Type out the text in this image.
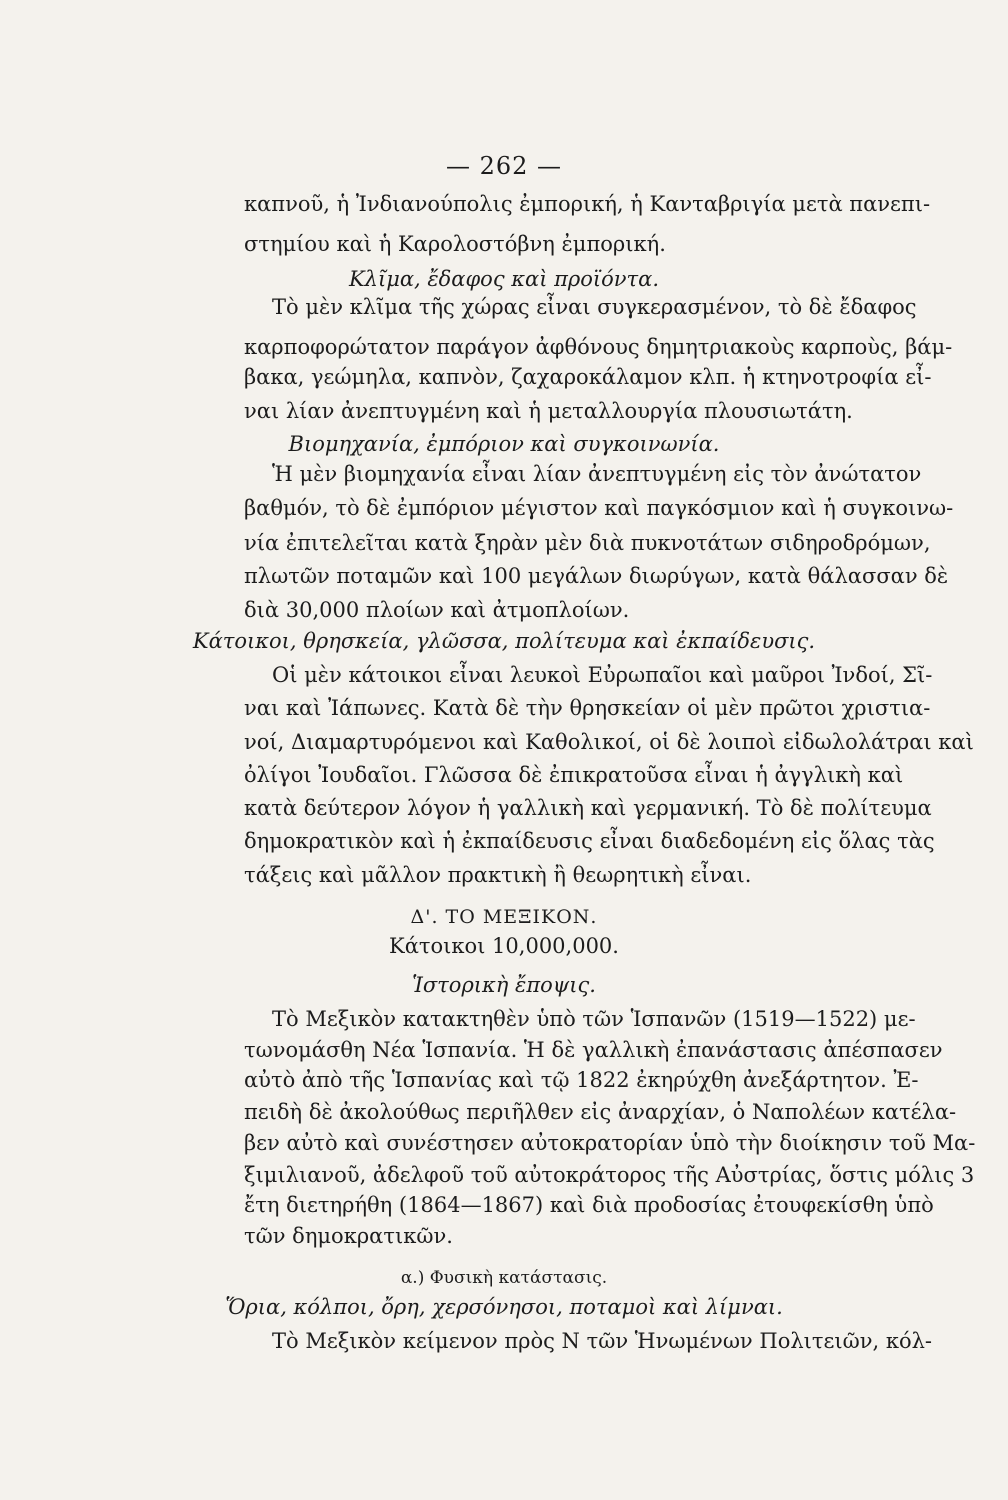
— 262 —
καπνοῦ, ἡ Ἰνδιανούπολις ἐμπορική, ἡ Κανταβριγία μετὰ πανεπι-
στημίου καὶ ἡ Καρολοστόβνη ἐμπορική.
Κλῖμα, ἔδαφος καὶ προϊόντα.
Τὸ μὲν κλῖμα τῆς χώρας εἶναι συγκερασμένον, τὸ δὲ ἔδαφος
καρποφορώτατον παράγον ἀφθόνους δημητριακοὺς καρποὺς, βάμ-
βακα, γεώμηλα, καπνὸν, ζαχαροκάλαμον κλπ. ἡ κτηνοτροφία εἶ-
ναι λίαν ἀνεπτυγμένη καὶ ἡ μεταλλουργία πλουσιωτάτη.
Βιομηχανία, ἐμπόριον καὶ συγκοινωνία.
Ἡ μὲν βιομηχανία εἶναι λίαν ἀνεπτυγμένη εἰς τὸν ἀνώτατον
βαθμόν, τὸ δὲ ἐμπόριον μέγιστον καὶ παγκόσμιον καὶ ἡ συγκοινω-
νία ἐπιτελεῖται κατὰ ξηρὰν μὲν διὰ πυκνοτάτων σιδηροδρόμων,
πλωτῶν ποταμῶν καὶ 100 μεγάλων διωρύγων, κατὰ θάλασσαν δὲ
διὰ 30,000 πλοίων καὶ ἀτμοπλοίων.
Κάτοικοι, θρησκεία, γλῶσσα, πολίτευμα καὶ ἐκπαίδευσις.
Οἱ μὲν κάτοικοι εἶναι λευκοὶ Εὐρωπαῖοι καὶ μαῦροι Ἰνδοί, Σῖ-
ναι καὶ Ἰάπωνες. Κατὰ δὲ τὴν θρησκείαν οἱ μὲν πρῶτοι χριστια-
νοί, Διαμαρτυρόμενοι καὶ Καθολικοί, οἱ δὲ λοιποὶ εἰδωλολάτραι καὶ
ὀλίγοι Ἰουδαῖοι. Γλῶσσα δὲ ἐπικρατοῦσα εἶναι ἡ ἀγγλικὴ καὶ
κατὰ δεύτερον λόγον ἡ γαλλικὴ καὶ γερμανική. Τὸ δὲ πολίτευμα
δημοκρατικὸν καὶ ἡ ἐκπαίδευσις εἶναι διαδεδομένη εἰς ὅλας τὰς
τάξεις καὶ μᾶλλον πρακτικὴ ἢ θεωρητικὴ εἶναι.
Δ'. ΤΟ ΜΕΞΙΚΟΝ.
Κάτοικοι 10,000,000.
Ἱστορικὴ ἔποψις.
Τὸ Μεξικὸν κατακτηθὲν ὑπὸ τῶν Ἱσπανῶν (1519—1522) με-
τωνομάσθη Νέα Ἱσπανία. Ἡ δὲ γαλλικὴ ἐπανάστασις ἀπέσπασεν
αὐτὸ ἀπὸ τῆς Ἱσπανίας καὶ τῷ 1822 ἐκηρύχθη ἀνεξάρτητον. Ἐ-
πειδὴ δὲ ἀκολούθως περιῆλθεν εἰς ἀναρχίαν, ὁ Ναπολέων κατέλα-
βεν αὐτὸ καὶ συνέστησεν αὐτοκρατορίαν ὑπὸ τὴν διοίκησιν τοῦ Μα-
ξιμιλιανοῦ, ἀδελφοῦ τοῦ αὐτοκράτορος τῆς Αὐστρίας, ὅστις μόλις 3
ἔτη διετηρήθη (1864—1867) καὶ διὰ προδοσίας ἐτουφεκίσθη ὑπὸ
τῶν δημοκρατικῶν.
α.) Φυσικὴ κατάστασις.
Ὅρια, κόλποι, ὄρη, χερσόνησοι, ποταμοὶ καὶ λίμναι.
Τὸ Μεξικὸν κείμενον πρὸς Ν τῶν Ἡνωμένων Πολιτειῶν, κόλ-
